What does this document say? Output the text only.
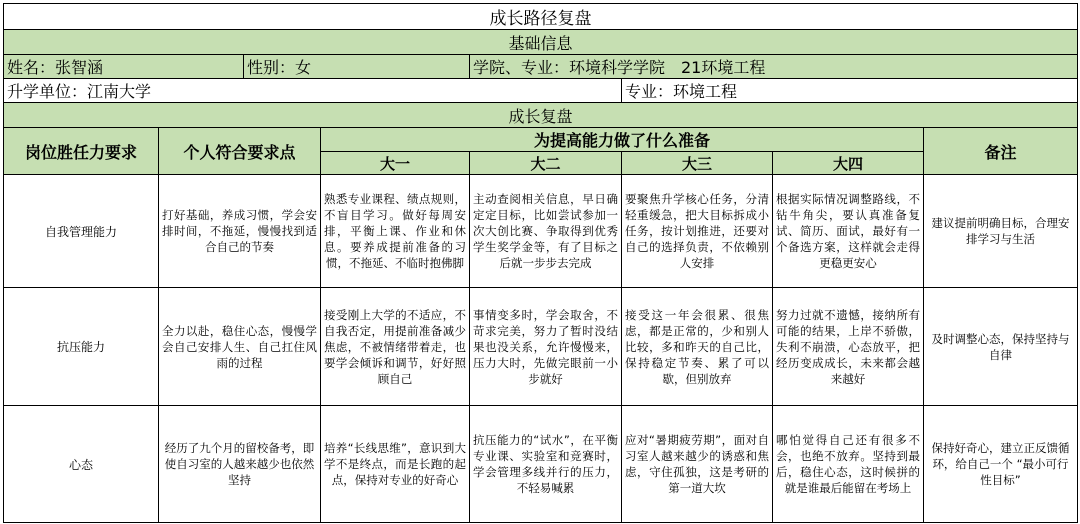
成长路径复盘							
基础信息							
姓名：张智涵		性别：女		学院、专业：环境科学学院　21环境工程			
升学单位：江南大学					专业：环境工程		
成长复盘							
岗位胜任力要求	个人符合要求点		为提高能力做了什么准备				备注
			大一	大二	大三	大四	
自我管理能力	打好基础，养成习惯，学会安排时间，不拖延，慢慢找到适合自己的节奏		熟悉专业课程、绩点规则，不盲目学习。做好每周安排，平衡上课、作业和休息。要养成提前准备的习惯，不拖延、不临时抱佛脚	主动查阅相关信息，早日确定定目标，比如尝试参加一次大创比赛、争取得到优秀学生奖学金等，有了目标之后就一步步去完成	要聚焦升学核心任务，分清轻重缓急，把大目标拆成小任务，按计划推进，还要对自己的选择负责，不依赖别人安排	根据实际情况调整路线，不钻牛角尖，要认真准备复试、简历、面试，最好有一个备选方案，这样就会走得更稳更安心	建议提前明确目标，合理安排学习与生活
抗压能力	全力以赴，稳住心态，慢慢学会自己安排人生、自己扛住风雨的过程		接受刚上大学的不适应，不自我否定，用提前准备减少焦虑，不被情绪带着走，也要学会倾诉和调节，好好照顾自己	事情变多时，学会取舍，不苛求完美，努力了暂时没结果也没关系，允许慢慢来，压力大时，先做完眼前一小步就好	接受这一年会很累、很焦虑，都是正常的，少和别人比较，多和昨天的自己比，保持稳定节奏、累了可以歇，但别放弃	努力过就不遗憾，接纳所有可能的结果，上岸不骄傲，失利不崩溃，心态放平，把经历变成成长，未来都会越来越好	及时调整心态，保持坚持与自律
心态	经历了九个月的留校备考，即使自习室的人越来越少也依然坚持		培养“长线思维”，意识到大学不是终点，而是长跑的起点，保持对专业的好奇心	抗压能力的“试水”，在平衡专业课、实验室和竞赛时，学会管理多线并行的压力，不轻易喊累	应对“暑期疲劳期”，面对自习室人越来越少的诱惑和焦虑，守住孤独，这是考研的第一道大坎	哪怕觉得自己还有很多不会，也绝不放弃。坚持到最后，稳住心态，这时候拼的就是谁最后能留在考场上	保持好奇心，建立正反馈循环，给自己一个 “最小可行性目标”
